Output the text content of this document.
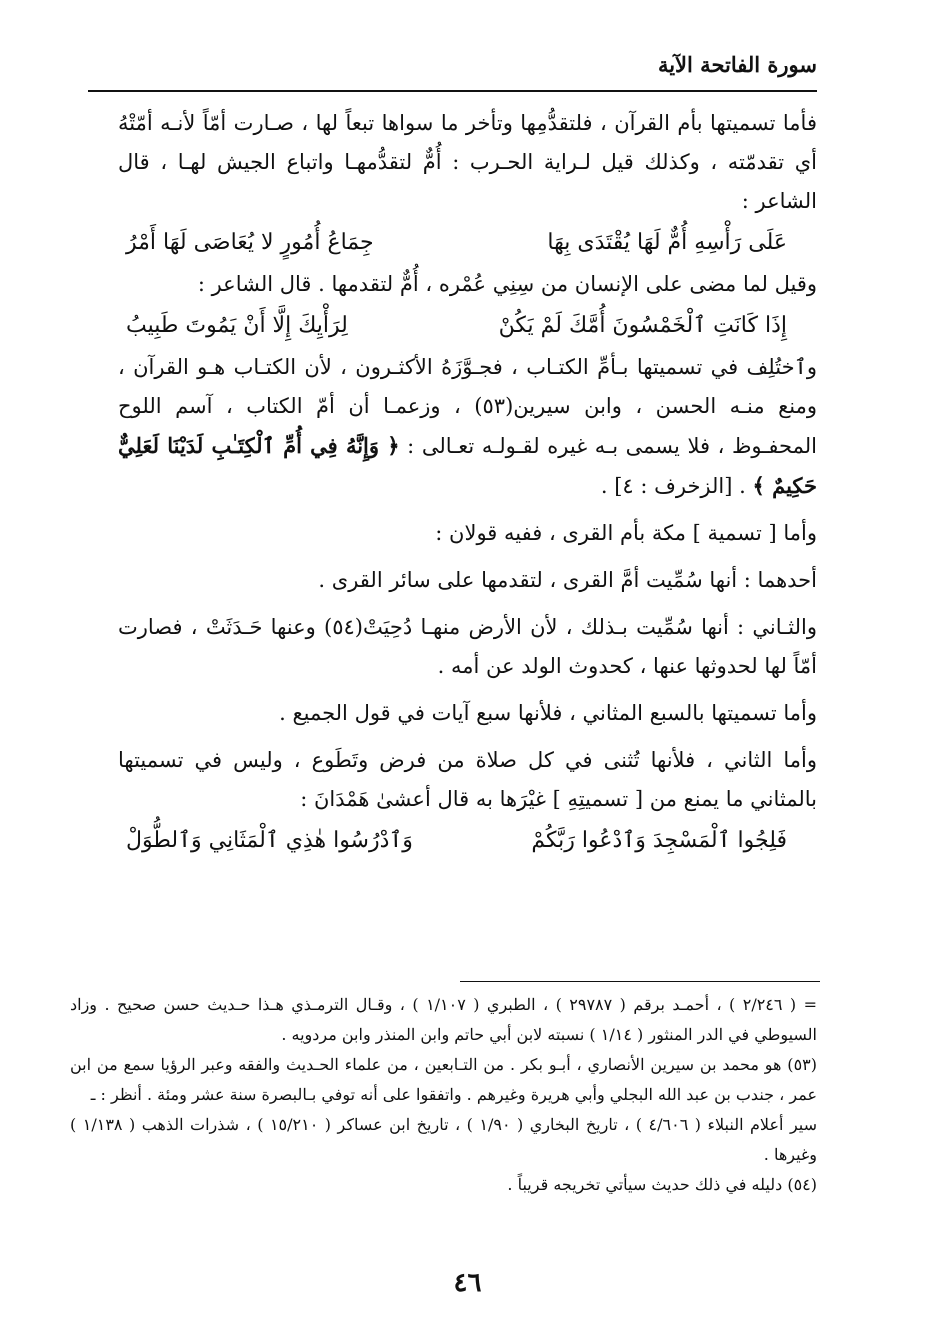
سورة الفاتحة الآية

فأما تسميتها بأم القرآن ، فلتقدُّمِها وتأخر ما سواها تبعاً لها ، صـارت أمّاً لأنـه أمّتْهُ أي تقدمّته ، وكذلك قيل لـراية الحـرب : أُمٌّ لتقدُّمهـا واتباع الجيش لهـا ، قال الشاعر :

عَلَى رَأْسِهِ أُمٌّ لَهَا يُقْتَدَى بِهَا
جِمَاعُ أُمُورٍ لا يُعَاصَى لَهَا أَمْرُ

وقيل لما مضى على الإنسان من سِنِي عُمْره ، أُمٌّ لتقدمها . قال الشاعر :

إِذَا كَانَتِ ٱلْخَمْسُونَ أُمَّكَ لَمْ يَكُنْ
لِرَأْيِكَ إِلَّا أَنْ يَمُوتَ طَبِيبُ

وٱختُلِف في تسميتها بـأمِّ الكتـاب ، فجـوَّزَهُ الأكثـرون ، لأن الكتـاب هـو القرآن ، ومنع منـه الحسن ، وابن سيرين(٥٣) ، وزعمـا أن أمّ الكتاب ، آسم اللوح المحفـوظ ، فلا يسمى بـه غيره لقـولـه تعـالى : ﴿ وَإِنَّهُ فِي أُمِّ ٱلْكِتَـٰبِ لَدَيْنَا لَعَلِيٌّ حَكِيمٌ ﴾ . [الزخرف : ٤] .

وأما [ تسمية ] مكة بأم القرى ، ففيه قولان :

أحدهما : أنها سُمِّيت أمَّ القرى ، لتقدمها على سائر القرى .

والثـاني : أنها سُمِّيت بـذلك ، لأن الأرض منهـا دُحِيَتْ(٥٤) وعنها حَـدَثَتْ ، فصارت أمّاً لها لحدوثها عنها ، كحدوث الولد عن أمه .

وأما تسميتها بالسبع المثاني ، فلأنها سبع آيات في قول الجميع .

وأما الثاني ، فلأنها تُثنى في كل صلاة من فرض وتَطَوع ، وليس في تسميتها بالمثاني ما يمنع من [ تسميتِهِ ] غيْرَها به قال أعشىٰ هَمْدَانَ :

فَلِجُوا ٱلْمَسْجِدَ وَٱدْعُوا رَبَّكُمْ
وَٱدْرُسُوا هٰذِي ٱلْمَثَانِي وَٱلطُّوَلْ

= ( ٢/٢٤٦ ) ، أحمـد برقم ( ٢٩٧٨٧ ) ، الطبري ( ١/١٠٧ ) ، وقـال الترمـذي هـذا حـديث حسن صحيح . وزاد السيوطي في الدر المنثور ( ١/١٤ ) نسبته لابن أبي حاتم وابن المنذر وابن مردويه .

(٥٣) هو محمد بن سيرين الأنصاري ، أبـو بكر . من التـابعين ، من علماء الحـديث والفقه وعبر الرؤيا سمع من ابن عمر ، جندب بن عبد الله البجلي وأبي هريرة وغيرهم . واتفقوا على أنه توفي بـالبصرة سنة عشر ومئة . أنظر : ـ

سير أعلام النبلاء ( ٤/٦٠٦ ) ، تاريخ البخاري ( ١/٩٠ ) ، تاريخ ابن عساكر ( ١٥/٢١٠ ) ، شذرات الذهب ( ١/١٣٨ ) وغيرها .

(٥٤) دليله في ذلك حديث سيأتي تخريجه قريباً .

٤٦
